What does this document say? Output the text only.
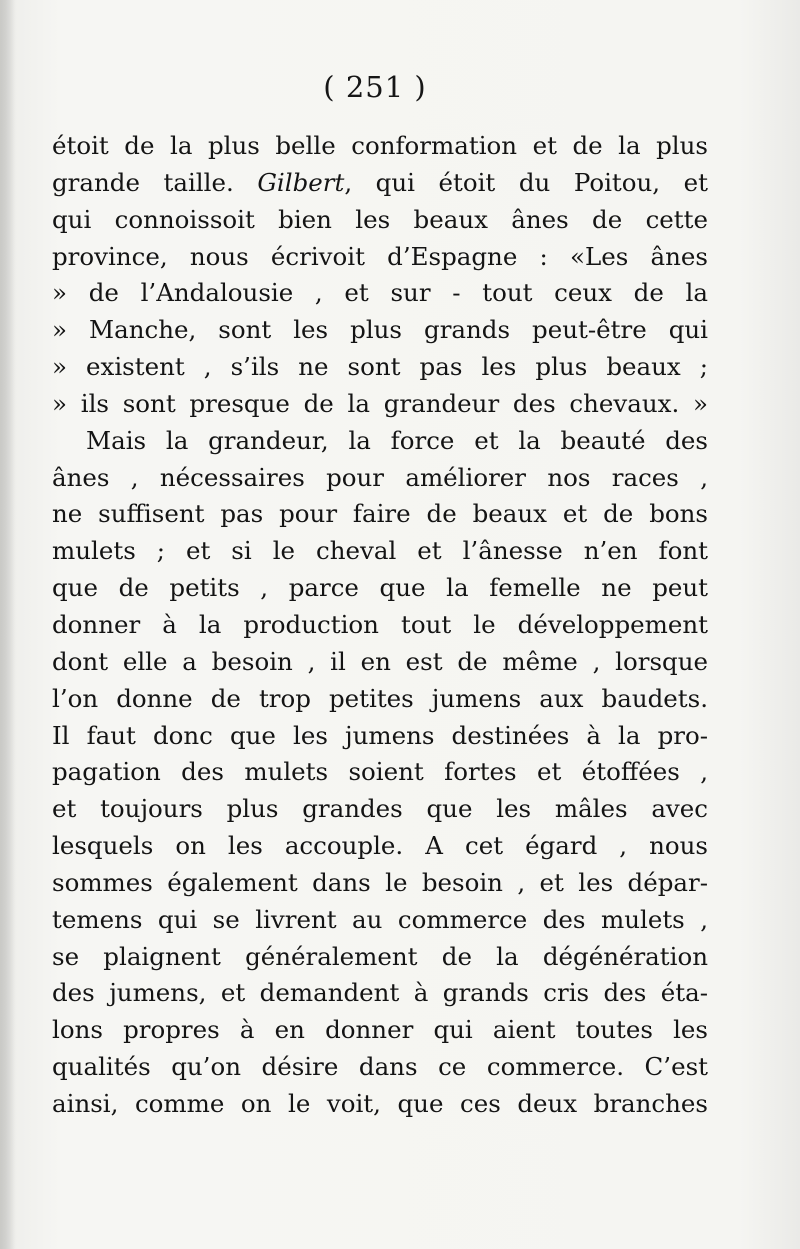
( 251 )
étoit de la plus belle conformation et de la plus
grande taille. Gilbert, qui étoit du Poitou, et
qui connoissoit bien les beaux ânes de cette
province, nous écrivoit d’Espagne : «Les ânes
» de l’Andalousie , et sur - tout ceux de la
» Manche, sont les plus grands peut-être qui
» existent , s’ils ne sont pas les plus beaux ;
» ils sont presque de la grandeur des chevaux. »
Mais la grandeur, la force et la beauté des
ânes , nécessaires pour améliorer nos races ,
ne suffisent pas pour faire de beaux et de bons
mulets ; et si le cheval et l’ânesse n’en font
que de petits , parce que la femelle ne peut
donner à la production tout le développement
dont elle a besoin , il en est de même , lorsque
l’on donne de trop petites jumens aux baudets.
Il faut donc que les jumens destinées à la pro-
pagation des mulets soient fortes et étoffées ,
et toujours plus grandes que les mâles avec
lesquels on les accouple. A cet égard , nous
sommes également dans le besoin , et les dépar-
temens qui se livrent au commerce des mulets ,
se plaignent généralement de la dégénération
des jumens, et demandent à grands cris des éta-
lons propres à en donner qui aient toutes les
qualités qu’on désire dans ce commerce. C’est
ainsi, comme on le voit, que ces deux branches
